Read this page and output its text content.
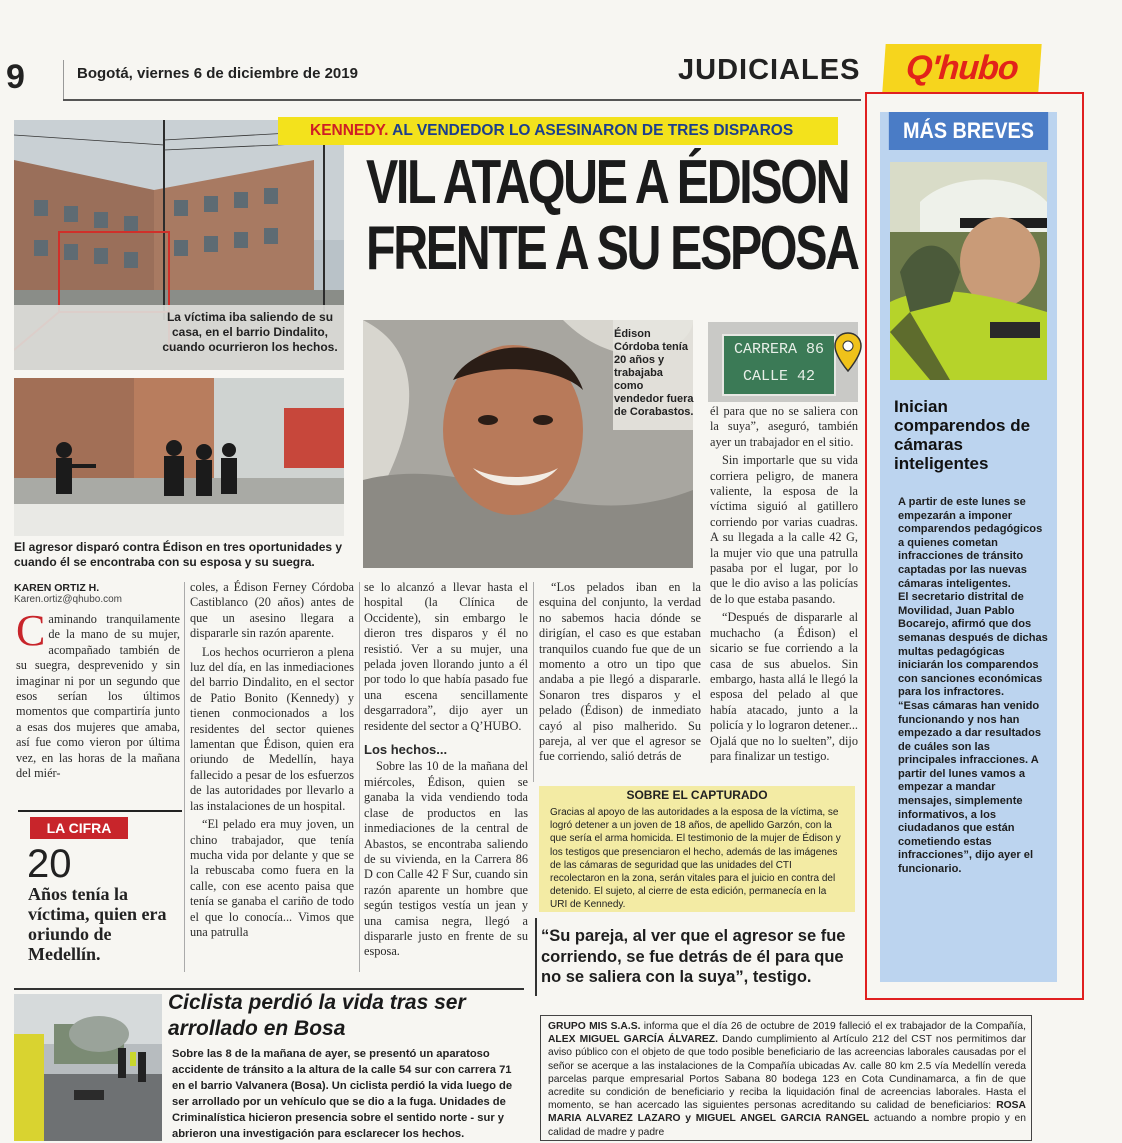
9	Bogotá, viernes 6 de diciembre de 2019	JUDICIALES Q'hubo
La víctima iba saliendo de su casa, en el barrio Dindalito, cuando ocurrieron los hechos.
El agresor disparó contra Édison en tres oportunidades y cuando él se encontraba con su esposa y su suegra.
KENNEDY. AL VENDEDOR LO ASESINARON DE TRES DISPAROS
VIL ATAQUE A ÉDISON
FRENTE A SU ESPOSA
Édison Córdoba tenía 20 años y trabajaba como vendedor fuera de Corabastos.
CARRERA 86
CALLE 42
KAREN ORTIZ H.
Karen.ortiz@qhubo.com

Caminando tranquilamente de la mano de su mujer, acompañado también de su suegra, desprevenido y sin imaginar ni por un segundo que esos serían los últimos momentos que compartiría junto a esas dos mujeres que amaba, así fue como vieron por última vez, en las horas de la mañana del miér-

coles, a Édison Ferney Córdoba Castiblanco (20 años) antes de que un asesino llegara a dispararle sin razón aparente.

Los hechos ocurrieron a plena luz del día, en las inmediaciones del barrio Dindalito, en el sector de Patio Bonito (Kennedy) y tienen conmocionados a los residentes del sector quienes lamentan que Édison, quien era oriundo de Medellín, haya fallecido a pesar de los esfuerzos de las autoridades por llevarlo a las instalaciones de un hospital.

“El pelado era muy joven, un chino trabajador, que tenía mucha vida por delante y que se la rebuscaba como fuera en la calle, con ese acento paisa que tenía se ganaba el cariño de todo el que lo conocía... Vimos que una patrulla

se lo alcanzó a llevar hasta el hospital (la Clínica de Occidente), sin embargo le dieron tres disparos y él no resistió. Ver a su mujer, una pelada joven llorando junto a él por todo lo que había pasado fue una escena sencillamente desgarradora”, dijo ayer un residente del sector a Q’HUBO.

Los hechos...

Sobre las 10 de la mañana del miércoles, Édison, quien se ganaba la vida vendiendo toda clase de productos en las inmediaciones de la central de Abastos, se encontraba saliendo de su vivienda, en la Carrera 86 D con Calle 42 F Sur, cuando sin razón aparente un hombre que según testigos vestía un jean y una camisa negra, llegó a dispararle justo en frente de su esposa.

“Los pelados iban en la esquina del conjunto, la verdad no sabemos hacia dónde se dirigían, el caso es que estaban tranquilos cuando fue que de un momento a otro un tipo que andaba a pie llegó a dispararle. Sonaron tres disparos y el pelado (Édison) de inmediato cayó al piso malherido. Su pareja, al ver que el agresor se fue corriendo, salió detrás de

él para que no se saliera con la suya”, aseguró, también ayer un trabajador en el sitio.

Sin importarle que su vida corriera peligro, de manera valiente, la esposa de la víctima siguió al gatillero corriendo por varias cuadras. A su llegada a la calle 42 G, la mujer vio que una patrulla pasaba por el lugar, por lo que le dio aviso a las policías de lo que estaba pasando.

“Después de dispararle al muchacho (a Édison) el sicario se fue corriendo a la casa de sus abuelos. Sin embargo, hasta allá le llegó la esposa del pelado al que había atacado, junto a la policía y lo lograron detener... Ojalá que no lo suelten”, dijo para finalizar un testigo.

LA CIFRA
20
Años tenía la víctima, quien era oriundo de Medellín.
SOBRE EL CAPTURADO
Gracias al apoyo de las autoridades a la esposa de la víctima, se logró detener a un joven de 18 años, de apellido Garzón, con la que sería el arma homicida. El testimonio de la mujer de Édison y los testigos que presenciaron el hecho, además de las imágenes de las cámaras de seguridad que las unidades del CTI recolectaron en la zona, serán vitales para el juicio en contra del detenido. El sujeto, al cierre de esta edición, permanecía en la URI de Kennedy.
“Su pareja, al ver que el agresor se fue corriendo, se fue detrás de él para que no se saliera con la suya”, testigo.
MÁS BREVES
Inician comparendos de cámaras inteligentes

A partir de este lunes se empezarán a imponer comparendos pedagógicos a quienes cometan infracciones de tránsito captadas por las nuevas cámaras inteligentes.

El secretario distrital de Movilidad, Juan Pablo Bocarejo, afirmó que dos semanas después de dichas multas pedagógicas iniciarán los comparendos con sanciones económicas para los infractores.

“Esas cámaras han venido funcionando y nos han empezado a dar resultados de cuáles son las principales infracciones. A partir del lunes vamos a empezar a mandar mensajes, simplemente informativos, a los ciudadanos que están cometiendo estas infracciones”, dijo ayer el funcionario.

Ciclista perdió la vida tras ser arrollado en Bosa
Sobre las 8 de la mañana de ayer, se presentó un aparatoso accidente de tránsito a la altura de la calle 54 sur con carrera 71 en el barrio Valvanera (Bosa). Un ciclista perdió la vida luego de ser arrollado por un vehículo que se dio a la fuga. Unidades de Criminalística hicieron presencia sobre el sentido norte - sur y abrieron una investigación para esclarecer los hechos.
GRUPO MIS S.A.S. informa que el día 26 de octubre de 2019 falleció el ex trabajador de la Compañía, ALEX MIGUEL GARCÍA ÁLVAREZ. Dando cumplimiento al Artículo 212 del CST nos permitimos dar aviso público con el objeto de que todo posible beneficiario de las acreencias laborales causadas por el señor se acerque a las instalaciones de la Compañía ubicadas Av. calle 80 km 2.5 vía Medellín vereda parcelas parque empresarial Portos Sabana 80 bodega 123 en Cota Cundinamarca, a fin de que acredite su condición de beneficiario y reciba la liquidación final de acreencias laborales. Hasta el momento, se han acercado las siguientes personas acreditando su calidad de beneficiarios: ROSA MARIA ALVAREZ LAZARO y MIGUEL ANGEL GARCIA RANGEL actuando a nombre propio y en calidad de madre y padre
